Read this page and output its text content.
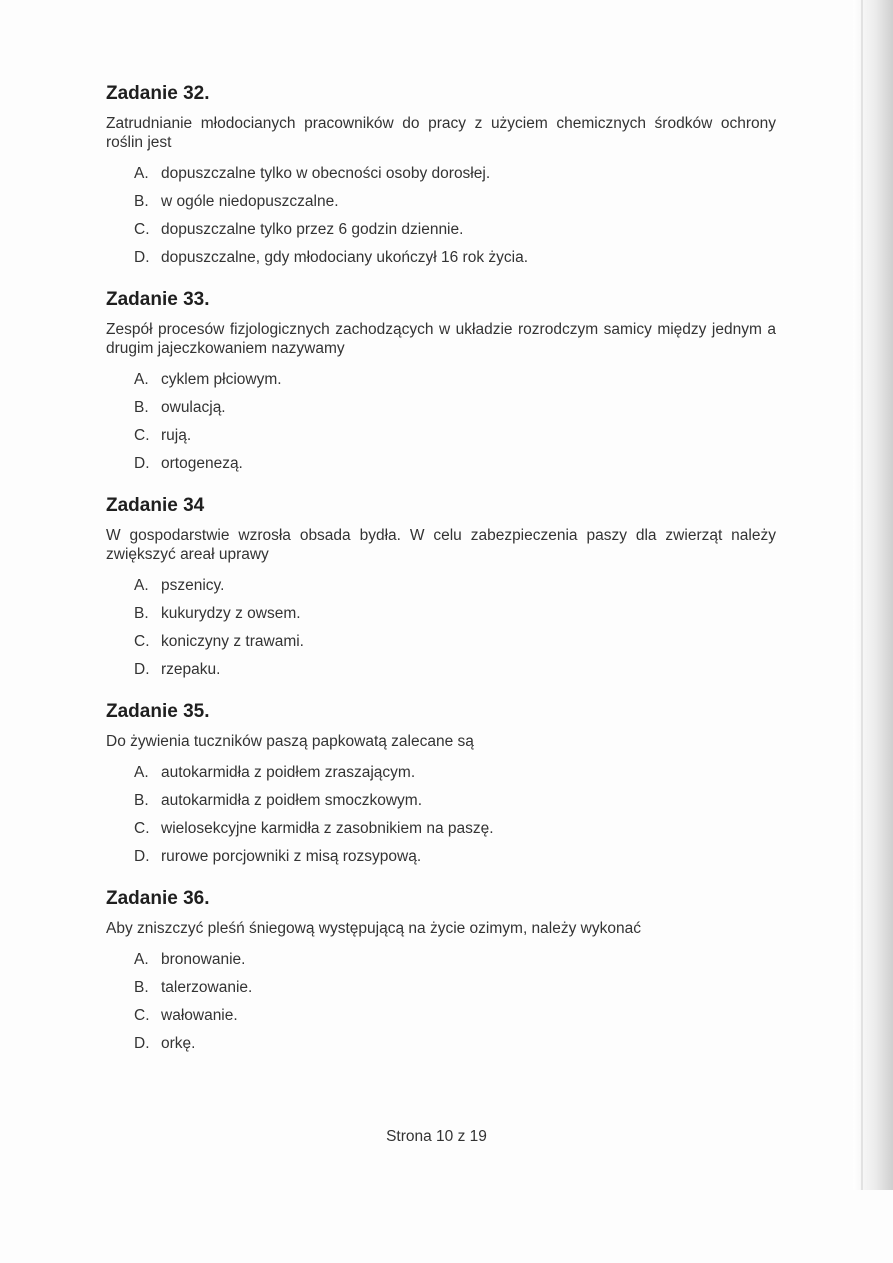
Zadanie 32.

Zatrudnianie młodocianych pracowników do pracy z użyciem chemicznych środków ochrony roślin jest

A. dopuszczalne tylko w obecności osoby dorosłej.
B. w ogóle niedopuszczalne.
C. dopuszczalne tylko przez 6 godzin dziennie.
D. dopuszczalne, gdy młodociany ukończył 16 rok życia.
Zadanie 33.

Zespół procesów fizjologicznych zachodzących w układzie rozrodczym samicy między jednym a drugim jajeczkowaniem nazywamy

A. cyklem płciowym.
B. owulacją.
C. rują.
D. ortogenezą.
Zadanie 34

W gospodarstwie wzrosła obsada bydła. W celu zabezpieczenia paszy dla zwierząt należy zwiększyć areał uprawy

A. pszenicy.
B. kukurydzy z owsem.
C. koniczyny z trawami.
D. rzepaku.
Zadanie 35.

Do żywienia tuczników paszą papkowatą zalecane są

A. autokarmidła z poidłem zraszającym.
B. autokarmidła z poidłem smoczkowym.
C. wielosekcyjne karmidła z zasobnikiem na paszę.
D. rurowe porcjowniki z misą rozsypową.
Zadanie 36.

Aby zniszczyć pleśń śniegową występującą na życie ozimym, należy wykonać

A. bronowanie.
B. talerzowanie.
C. wałowanie.
D. orkę.
Strona 10 z 19
